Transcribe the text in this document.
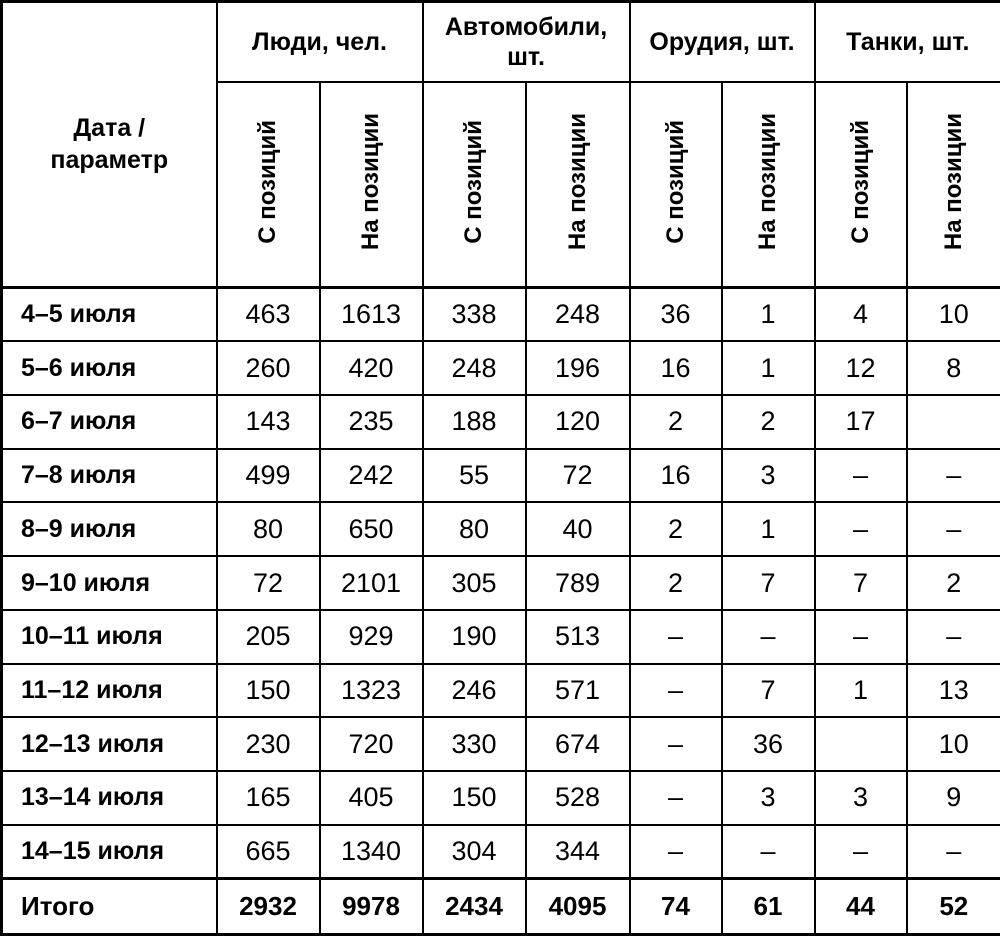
Дата / параметр	Люди, чел.		Автомобили, шт.		Орудия, шт.		Танки, шт.	
	С позиций	На позиции	С позиций	На позиции	С позиций	На позиции	С позиций	На позиции
4–5 июля	463	1613	338	248	36	1	4	10
5–6 июля	260	420	248	196	16	1	12	8
6–7 июля	143	235	188	120	2	2	17	
7–8 июля	499	242	55	72	16	3	–	–
8–9 июля	80	650	80	40	2	1	–	–
9–10 июля	72	2101	305	789	2	7	7	2
10–11 июля	205	929	190	513	–	–	–	–
11–12 июля	150	1323	246	571	–	7	1	13
12–13 июля	230	720	330	674	–	36		10
13–14 июля	165	405	150	528	–	3	3	9
14–15 июля	665	1340	304	344	–	–	–	–
Итого	2932	9978	2434	4095	74	61	44	52
